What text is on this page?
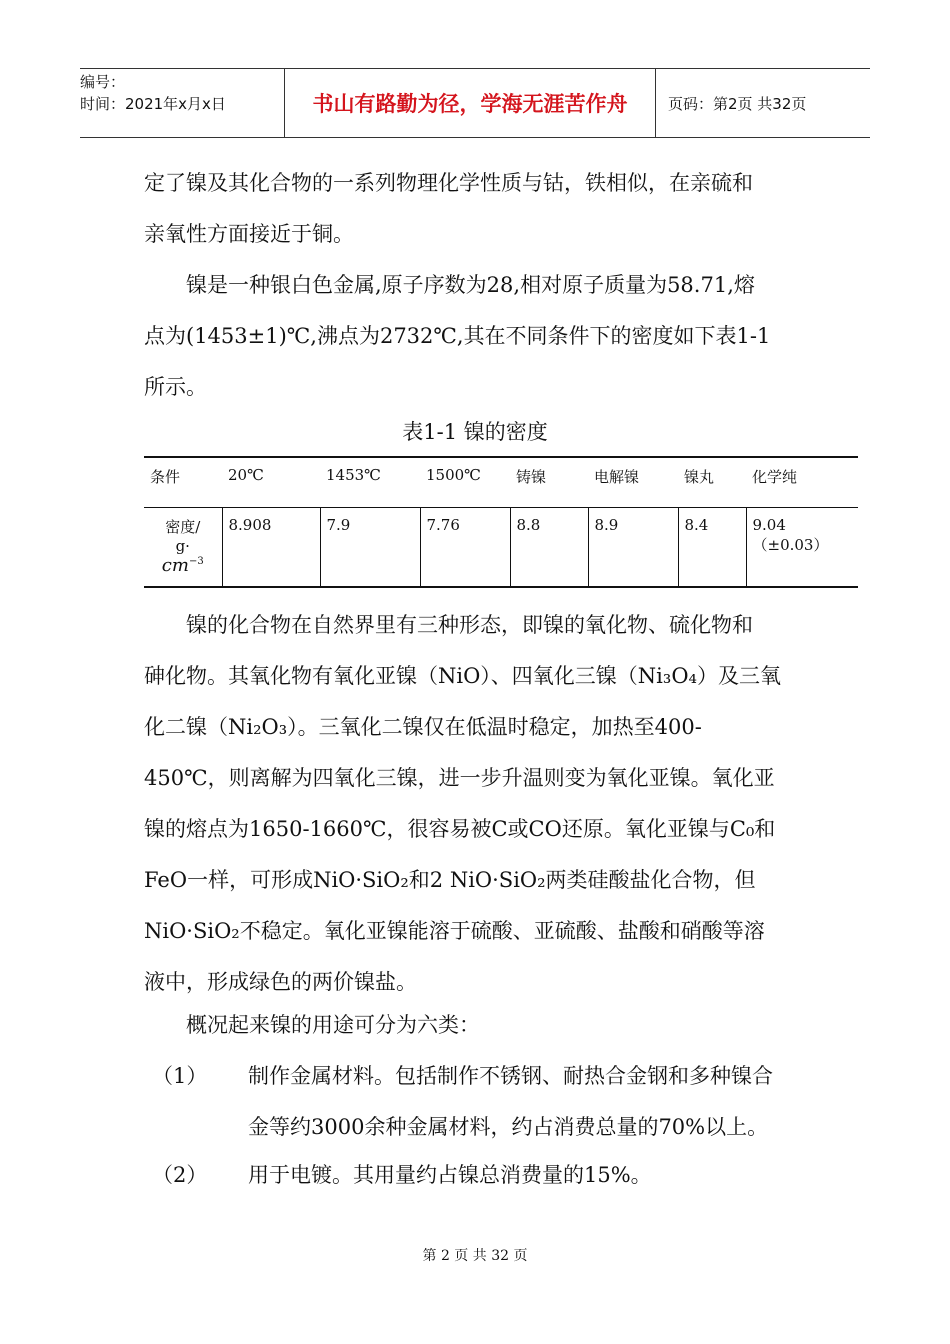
编号：
时间：2021年x月x日	书山有路勤为径，学海无涯苦作舟	页码：第2页 共32页
定了镍及其化合物的一系列物理化学性质与钴，铁相似，在亲硫和
亲氧性方面接近于铜。
镍是一种银白色金属,原子序数为28,相对原子质量为58.71,熔
点为(1453±1)℃,沸点为2732℃,其在不同条件下的密度如下表1-1
所示。
表1-1 镍的密度
条件	20℃	1453℃	1500℃	铸镍	电解镍	镍丸	化学纯

密度/
g·
$cm^{-3}$	8.908	7.9	7.76	8.8	8.9	8.4	9.04（±0.03）
镍的化合物在自然界里有三种形态，即镍的氧化物、硫化物和
砷化物。其氧化物有氧化亚镍（NiO）、四氧化三镍（Ni₃O₄）及三氧
化二镍（Ni₂O₃）。三氧化二镍仅在低温时稳定，加热至400-
450℃，则离解为四氧化三镍，进一步升温则变为氧化亚镍。氧化亚
镍的熔点为1650-1660℃，很容易被C或CO还原。氧化亚镍与C₀和
FeO一样，可形成NiO·SiO₂和2 NiO·SiO₂两类硅酸盐化合物，但
NiO·SiO₂不稳定。氧化亚镍能溶于硫酸、亚硫酸、盐酸和硝酸等溶
液中，形成绿色的两价镍盐。
概况起来镍的用途可分为六类：
（1） 制作金属材料。包括制作不锈钢、耐热合金钢和多种镍合
金等约3000余种金属材料，约占消费总量的70%以上。
（2） 用于电镀。其用量约占镍总消费量的15%。
第 2 页 共 32 页
